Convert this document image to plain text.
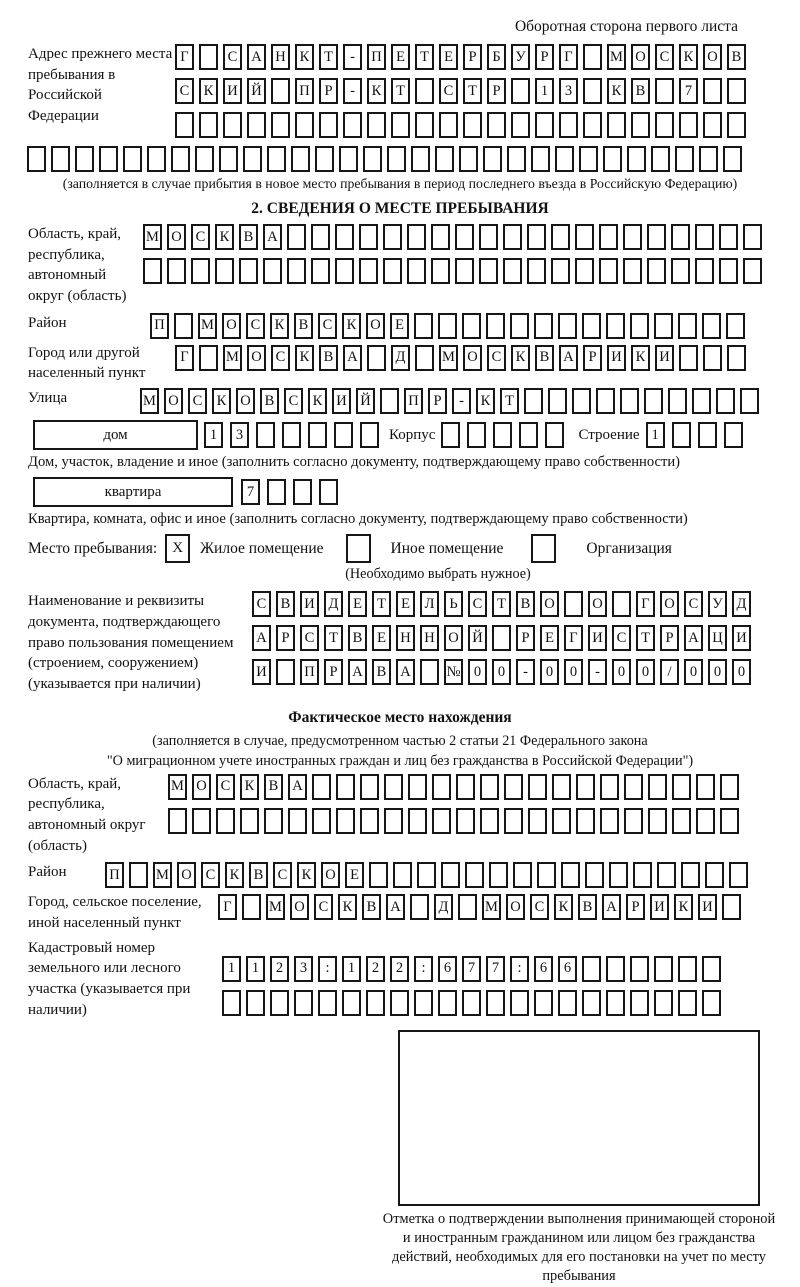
Оборотная сторона первого листа
Адрес прежнего места пребывания в Российской Федерации
Г	С А Н К	Т	-	П Е	Т	Е	Р	Б	У	Р	Г	М О С К О В
С К И Й	П	Р	-	К	Т	С	Т	Р	1	3	К В	7
(заполняется в случае прибытия в новое место пребывания в период последнего въезда в Российскую Федерацию)
2. СВЕДЕНИЯ О МЕСТЕ ПРЕБЫВАНИЯ
Область, край, республика, автономный округ (область)
М О С К В А
Район	П	М О С К В С К О Е
Город или другой населенный пункт
Г	М О С К В А	Д	М О С К В А	Р	И К И
Улица	М О С К О В С К И Й	П	Р	-	К	Т
дом	1	3	Корпус	Строение 1
Дом, участок, владение и иное (заполнить согласно документу, подтверждающему право собственности)
квартира	7
Квартира, комната, офис и иное (заполнить согласно документу, подтверждающему право собственности)
Место пребывания:	X	Жилое помещение	Иное помещение	Организация
(Необходимо выбрать нужное)
Наименование и реквизиты документа, подтверждающего право пользования помещением (строением, сооружением) (указывается при наличии)
С В И Д	Е	Т	Е	Л	Ь	С	Т	В О	О	Г	О С У Д
А	Р	С	Т	В	Е Н Н О Й	Р	Е	Г	И С	Т	Р	А Ц И
И	П	Р	А В А № 0	0	-	0	0	-	0	0	/	0	0	0
Фактическое место нахождения
(заполняется в случае, предусмотренном частью 2 статьи 21 Федерального закона
"О миграционном учете иностранных граждан и лиц без гражданства в Российской Федерации")
Область, край, республика, автономный округ (область)
М О С К В А
Район	П	М О С К В С К О Е
Город, сельское поселение, иной населенный пункт
Г	М О С К В А	Д	М О С К В А	Р	И К И
Кадастровый номер земельного или лесного участка (указывается при наличии)
1	1	2	3	:	1	2	2	:	6	7	7	:	6	6
Отметка о подтверждении выполнения принимающей стороной и иностранным гражданином или лицом без гражданства действий, необходимых для его постановки на учет по месту пребывания
